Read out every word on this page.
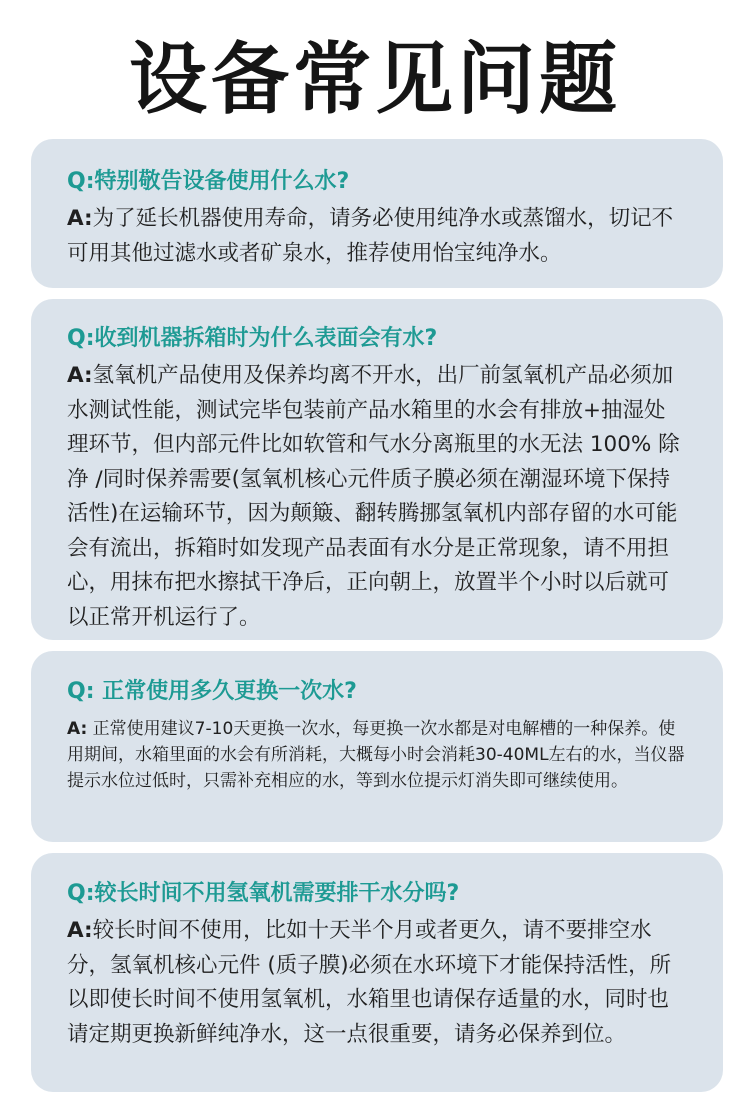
设备常见问题

Q:特别敬告设备使用什么水?

A:为了延长机器使用寿命，请务必使用纯净水或蒸馏水，切记不可用其他过滤水或者矿泉水，推荐使用怡宝纯净水。

Q:收到机器拆箱时为什么表面会有水?

A:氢氧机产品使用及保养均离不开水，出厂前氢氧机产品必须加水测试性能，测试完毕包装前产品水箱里的水会有排放+抽湿处理环节，但内部元件比如软管和气水分离瓶里的水无法 100% 除净 /同时保养需要(氢氧机核心元件质子膜必须在潮湿环境下保持活性)在运输环节，因为颠簸、翻转腾挪氢氧机内部存留的水可能会有流出，拆箱时如发现产品表面有水分是正常现象，请不用担心，用抹布把水擦拭干净后，正向朝上，放置半个小时以后就可以正常开机运行了。

Q: 正常使用多久更换一次水?

A: 正常使用建议7-10天更换一次水，每更换一次水都是对电解槽的一种保养。使用期间，水箱里面的水会有所消耗，大概每小时会消耗30-40ML左右的水，当仪器提示水位过低时，只需补充相应的水，等到水位提示灯消失即可继续使用。

Q:较长时间不用氢氧机需要排干水分吗?

A:较长时间不使用，比如十天半个月或者更久，请不要排空水分，氢氧机核心元件 (质子膜)必须在水环境下才能保持活性，所以即使长时间不使用氢氧机，水箱里也请保存适量的水，同时也请定期更换新鲜纯净水，这一点很重要，请务必保养到位。
